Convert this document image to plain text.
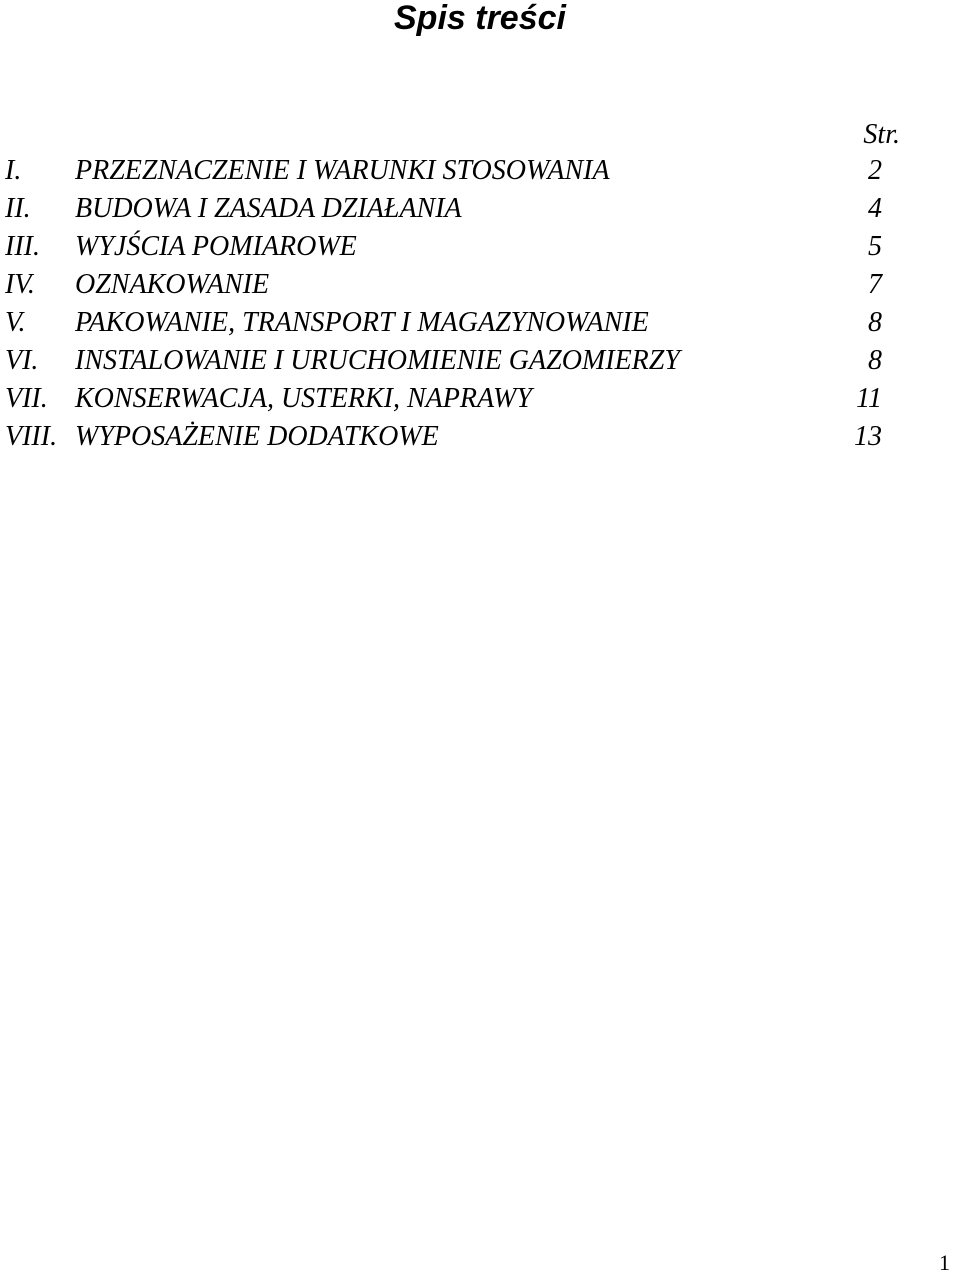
Spis treści
Str.
I. PRZEZNACZENIE I WARUNKI STOSOWANIA	2
II. BUDOWA I ZASADA DZIAŁANIA	4
III. WYJŚCIA POMIAROWE	5
IV. OZNAKOWANIE	7
V. PAKOWANIE, TRANSPORT I MAGAZYNOWANIE	8
VI. INSTALOWANIE I URUCHOMIENIE GAZOMIERZY	8
VII. KONSERWACJA, USTERKI, NAPRAWY	11
VIII. WYPOSAŻENIE DODATKOWE	13
1
